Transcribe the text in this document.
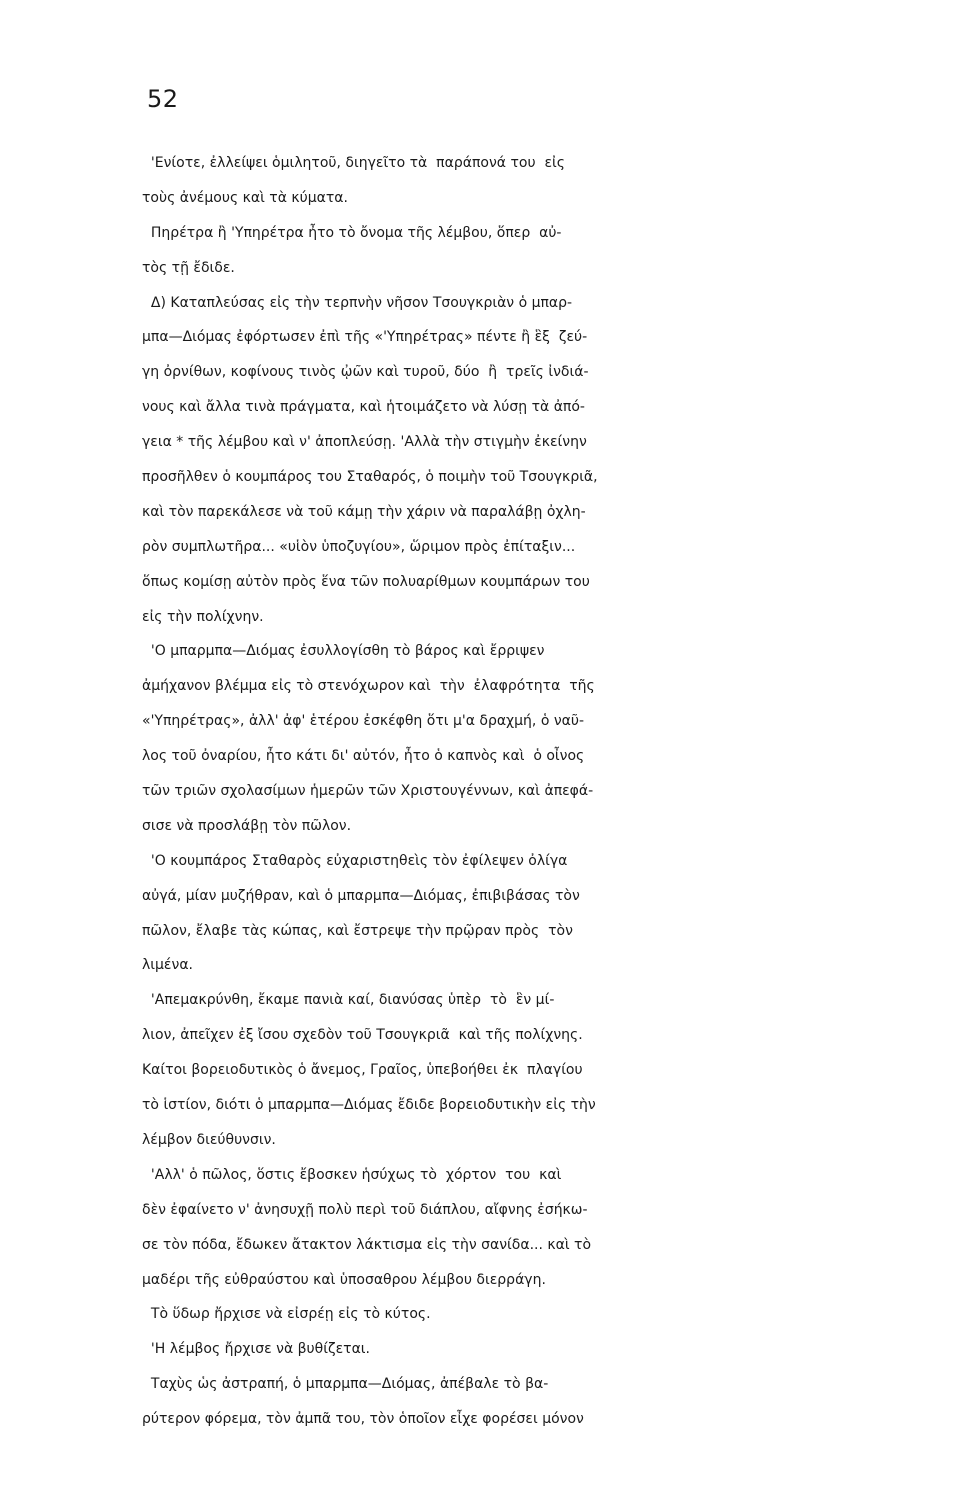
52
'Ενίοτε, ἐλλείψει ὁμιλητοῦ, διηγεῖτο τὰ  παράπονά του  εἰς
τοὺς ἀνέμους καὶ τὰ κύματα.
Πηρέτρα ἢ 'Υπηρέτρα ἦτο τὸ ὄνομα τῆς λέμβου, ὅπερ  αὐ-
τὸς τῇ ἔδιδε.
Δ) Καταπλεύσας εἰς τὴν τερπνὴν νῆσον Τσουγκριὰν ὁ μπαρ-
μπα—Διόμας ἐφόρτωσεν ἐπὶ τῆς «'Υπηρέτρας» πέντε ἢ ἓξ  ζεύ-
γη ὀρνίθων, κοφίνους τινὸς ᾠῶν καὶ τυροῦ, δύο  ἢ  τρεῖς ἰνδιά-
νους καὶ ἄλλα τινὰ πράγματα, καὶ ἡτοιμάζετο νὰ λύσῃ τὰ ἀπό-
γεια * τῆς λέμβου καὶ ν' ἀποπλεύσῃ. 'Αλλὰ τὴν στιγμὴν ἐκείνην
προσῆλθεν ὁ κουμπάρος του Σταθαρός, ὁ ποιμὴν τοῦ Τσουγκριᾶ,
καὶ τὸν παρεκάλεσε νὰ τοῦ κάμῃ τὴν χάριν νὰ παραλάβῃ ὀχλη-
ρὸν συμπλωτῆρα... «υἱὸν ὑποζυγίου», ὥριμον πρὸς ἐπίταξιν...
ὅπως κομίσῃ αὐτὸν πρὸς ἕνα τῶν πολυαρίθμων κουμπάρων του
εἰς τὴν πολίχνην.
'Ο μπαρμπα—Διόμας ἐσυλλογίσθη τὸ βάρος καὶ ἔρριψεν
ἀμήχανον βλέμμα εἰς τὸ στενόχωρον καὶ  τὴν  ἐλαφρότητα  τῆς
«'Υπηρέτρας», ἀλλ' ἀφ' ἑτέρου ἐσκέφθη ὅτι μ'α δραχμή, ὁ ναῦ-
λος τοῦ ὀναρίου, ἦτο κάτι δι' αὐτόν, ἦτο ὁ καπνὸς καὶ  ὁ οἶνος
τῶν τριῶν σχολασίμων ἡμερῶν τῶν Χριστουγέννων, καὶ ἀπεφά-
σισε νὰ προσλάβῃ τὸν πῶλον.
'Ο κουμπάρος Σταθαρὸς εὐχαριστηθεὶς τὸν ἐφίλεψεν ὀλίγα
αὐγά, μίαν μυζήθραν, καὶ ὁ μπαρμπα—Διόμας, ἐπιβιβάσας τὸν
πῶλον, ἔλαβε τὰς κώπας, καὶ ἔστρεψε τὴν πρῷραν πρὸς  τὸν
λιμένα.
'Απεμακρύνθη, ἔκαμε πανιὰ καί, διανύσας ὑπὲρ  τὸ  ἓν μί-
λιον, ἀπεῖχεν ἐξ ἴσου σχεδὸν τοῦ Τσουγκριᾶ  καὶ τῆς πολίχνης.
Καίτοι βορειοδυτικὸς ὁ ἄνεμος, Γραῖος, ὑπεβοήθει ἐκ  πλαγίου
τὸ ἱστίον, διότι ὁ μπαρμπα—Διόμας ἔδιδε βορειοδυτικὴν εἰς τὴν
λέμβον διεύθυνσιν.
'Αλλ' ὁ πῶλος, ὅστις ἔβοσκεν ἡσύχως τὸ  χόρτον  του  καὶ
δὲν ἐφαίνετο ν' ἀνησυχῇ πολὺ περὶ τοῦ διάπλου, αἴφνης ἐσήκω-
σε τὸν πόδα, ἔδωκεν ἄτακτον λάκτισμα εἰς τὴν σανίδα... καὶ τὸ
μαδέρι τῆς εὐθραύστου καὶ ὑποσαθρου λέμβου διερράγη.
Τὸ ὕδωρ ἤρχισε νὰ εἰσρέῃ εἰς τὸ κύτος.
'Η λέμβος ἤρχισε νὰ βυθίζεται.
Ταχὺς ὡς ἀστραπή, ὁ μπαρμπα—Διόμας, ἀπέβαλε τὸ βα-
ρύτερον φόρεμα, τὸν ἀμπᾶ του, τὸν ὁποῖον εἶχε φορέσει μόνον
